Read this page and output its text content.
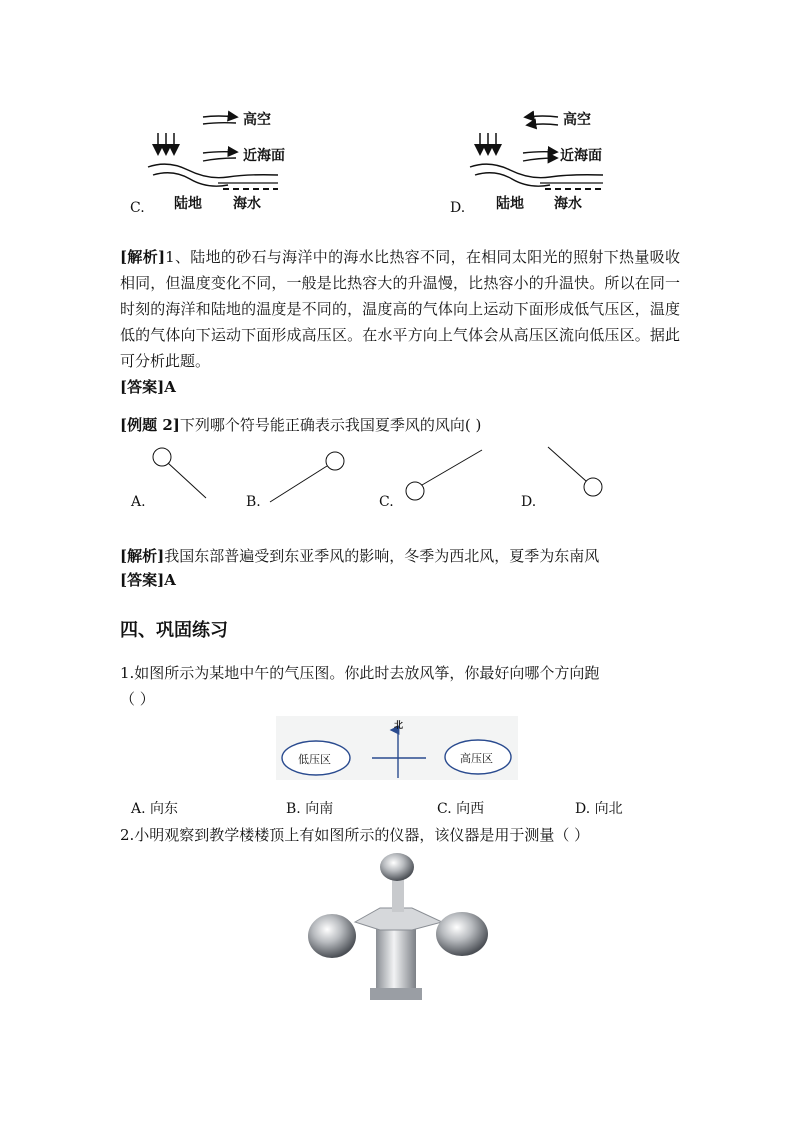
高空
近海面
陆地 海水
C.
高空
近海面
陆地 海水
D.
[解析]1、陆地的砂石与海洋中的海水比热容不同，在相同太阳光的照射下热量吸收相同，但温度变化不同，一般是比热容大的升温慢，比热容小的升温快。所以在同一时刻的海洋和陆地的温度是不同的，温度高的气体向上运动下面形成低气压区，温度低的气体向下运动下面形成高压区。在水平方向上气体会从高压区流向低压区。据此可分析此题。
[答案]A
[例题 2]下列哪个符号能正确表示我国夏季风的风向( )
A.	B.	C.	D.
[解析]我国东部普遍受到东亚季风的影响，冬季为西北风，夏季为东南风
[答案]A
四、巩固练习
1.如图所示为某地中午的气压图。你此时去放风筝，你最好向哪个方向跑
（ ）
北
低压区	高压区
A. 向东	B. 向南	C. 向西	D. 向北
2.小明观察到教学楼楼顶上有如图所示的仪器，该仪器是用于测量（ ）
